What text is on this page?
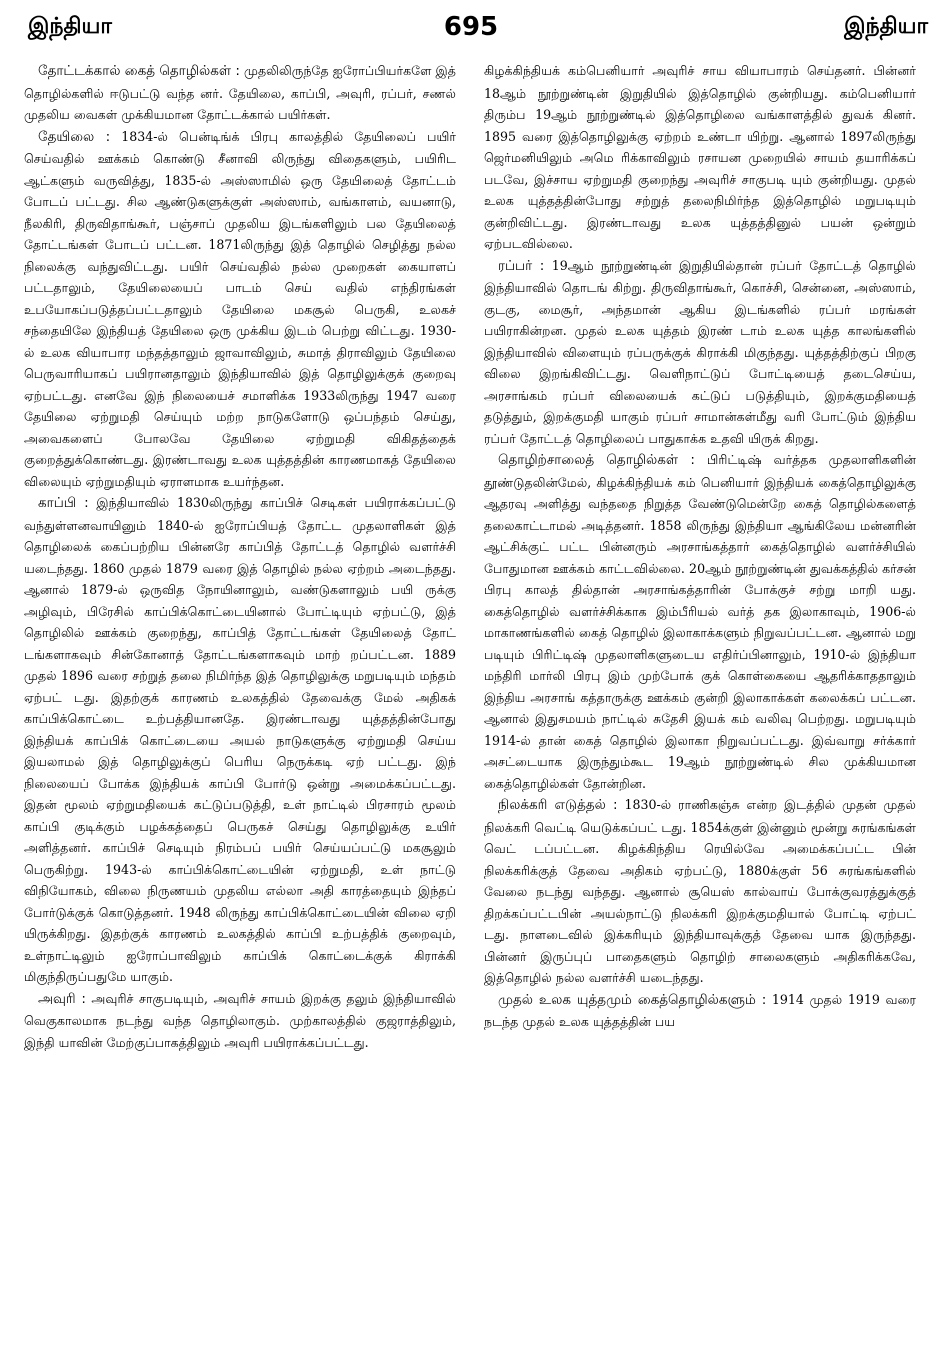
இந்தியா	695	இந்தியா

தோட்டக்கால் கைத் தொழில்கள் : முதலிலிருந்தே ஐரோப்பியர்களே இத் தொழில்களில் ஈடுபட்டு வந்த னர். தேயிலை, காப்பி, அவுரி, ரப்பர், சணல் முதலிய வைகள் முக்கியமான தோட்டக்கால் பயிர்கள்.

தேயிலை : 1834-ல் பென்டிங்க் பிரபு காலத்தில் தேயிலைப் பயிர் செய்வதில் ஊக்கம் கொண்டு சீனாவி லிருந்து விதைகளும், பயிரிட ஆட்களும் வருவித்து, 1835-ல் அஸ்ஸாமில் ஒரு தேயிலைத் தோட்டம் போடப் பட்டது. சில ஆண்டுகளுக்குள் அஸ்ஸாம், வங்காளம், வயனாடு, நீலகிரி, திருவிதாங்கூர், பஞ்சாப் முதலிய இடங்களிலும் பல தேயிலைத் தோட்டங்கள் போடப் பட்டன. 1871லிருந்து இத் தொழில் செழித்து நல்ல நிலைக்கு வந்துவிட்டது. பயிர் செய்வதில் நல்ல முறைகள் கையாளப் பட்டதாலும், தேயிலையைப் பாடம் செய் வதில் எந்திரங்கள் உபயோகப்படுத்தப்பட்டதாலும் தேயிலை மகசூல் பெருகி, உலகச் சந்தையிலே இந்தியத் தேயிலை ஒரு முக்கிய இடம் பெற்று விட்டது. 1930-ல் உலக வியாபார மந்தத்தாலும் ஜாவாவிலும், சுமாத் திராவிலும் தேயிலை பெருவாரியாகப் பயிரானதாலும் இந்தியாவில் இத் தொழிலுக்குக் குறைவு ஏற்பட்டது. எனவே இந் நிலையைச் சமாளிக்க 1933லிருந்து 1947 வரை தேயிலை ஏற்றுமதி செய்யும் மற்ற நாடுகளோடு ஒப்பந்தம் செய்து, அவைகளைப் போலவே தேயிலை ஏற்றுமதி விகிதத்தைக் குறைத்துக்கொண்டது. இரண்டாவது உலக யுத்தத்தின் காரணமாகத் தேயிலை விலையும் ஏற்றுமதியும் ஏராளமாக உயர்ந்தன.

காப்பி : இந்தியாவில் 1830லிருந்து காப்பிச் செடிகள் பயிராக்கப்பட்டு வந்துள்ளனவாயினும் 1840-ல் ஐரோப்பியத் தோட்ட முதலாளிகள் இத் தொழிலைக் கைப்பற்றிய பின்னரே காப்பித் தோட்டத் தொழில் வளர்ச்சி யடைந்தது. 1860 முதல் 1879 வரை இத் தொழில் நல்ல ஏற்றம் அடைந்தது. ஆனால் 1879-ல் ஒருவித நோயினாலும், வண்டுகளாலும் பயி ருக்கு அழிவும், பிரேசில் காப்பிக்கொட்டையினால் போட்டியும் ஏற்பட்டு, இத் தொழிலில் ஊக்கம் குறைந்து, காப்பித் தோட்டங்கள் தேயிலைத் தோட் டங்களாகவும் சின்கோனாத் தோட்டங்களாகவும் மாற் றப்பட்டன. 1889 முதல் 1896 வரை சற்றுத் தலை நிமிர்ந்த இத் தொழிலுக்கு மறுபடியும் மந்தம் ஏற்பட் டது. இதற்குக் காரணம் உலகத்தில் தேவைக்கு மேல் அதிகக் காப்பிக்கொட்டை உற்பத்தியானதே. இரண்டாவது யுத்தத்தின்போது இந்தியக் காப்பிக் கொட்டையை அயல் நாடுகளுக்கு ஏற்றுமதி செய்ய இயலாமல் இத் தொழிலுக்குப் பெரிய நெருக்கடி ஏற் பட்டது. இந் நிலையைப் போக்க இந்தியக் காப்பி போர்டு ஒன்று அமைக்கப்பட்டது. இதன் மூலம் ஏற்றுமதியைக் கட்டுப்படுத்தி, உள் நாட்டில் பிரசாரம் மூலம் காப்பி குடிக்கும் பழக்கத்தைப் பெருகச் செய்து தொழிலுக்கு உயிர் அளித்தனர். காப்பிச் செடியும் நிரம்பப் பயிர் செய்யப்பட்டு மகசூலும் பெருகிற்று. 1943-ல் காப்பிக்கொட்டையின் ஏற்றுமதி, உள் நாட்டு விநியோகம், விலை நிருணயம் முதலிய எல்லா அதி காரத்தையும் இந்தப் போர்டுக்குக் கொடுத்தனர். 1948 லிருந்து காப்பிக்கொட்டையின் விலை ஏறி யிருக்கிறது. இதற்குக் காரணம் உலகத்தில் காப்பி உற்பத்திக் குறைவும், உள்நாட்டிலும் ஐரோப்பாவிலும் காப்பிக் கொட்டைக்குக் கிராக்கி மிகுந்திருப்பதுமே யாகும்.

அவுரி : அவுரிச் சாகுபடியும், அவுரிச் சாயம் இறக்கு தலும் இந்தியாவில் வெகுகாலமாக நடந்து வந்த தொழிலாகும். முற்காலத்தில் குஜராத்திலும், இந்தி யாவின் மேற்குப்பாகத்திலும் அவுரி பயிராக்கப்பட்டது.

கிழக்கிந்தியக் கம்பெனியார் அவுரிச் சாய வியாபாரம் செய்தனர். பின்னர் 18ஆம் நூற்றுண்டின் இறுதியில் இத்தொழில் குன்றியது. கம்பெனியார் திரும்ப 19ஆம் நூற்றுண்டில் இத்தொழிலை வங்காளத்தில் துவக் கினர். 1895 வரை இத்தொழிலுக்கு ஏற்றம் உண்டா யிற்று. ஆனால் 1897லிருந்து ஜெர்மனியிலும் அமெ ரிக்காவிலும் ரசாயன முறையில் சாயம் தயாரிக்கப் படவே, இச்சாய ஏற்றுமதி குறைந்து அவுரிச் சாகுபடி யும் குன்றியது. முதல் உலக யுத்தத்தின்போது சற்றுத் தலைநிமிர்ந்த இத்தொழில் மறுபடியும் குன்றிவிட்டது. இரண்டாவது உலக யுத்தத்தினுல் பயன் ஒன்றும் ஏற்படவில்லை.

ரப்பர் : 19ஆம் நூற்றுண்டின் இறுதியில்தான் ரப்பர் தோட்டத் தொழில் இந்தியாவில் தொடங் கிற்று. திருவிதாங்கூர், கொச்சி, சென்னை, அஸ்ஸாம், குடகு, மைசூர், அந்தமான் ஆகிய இடங்களில் ரப்பர் மரங்கள் பயிராகின்றன. முதல் உலக யுத்தம் இரண் டாம் உலக யுத்த காலங்களில் இந்தியாவில் விளையும் ரப்பருக்குக் கிராக்கி மிகுந்தது. யுத்தத்திற்குப் பிறகு விலை இறங்கிவிட்டது. வெளிநாட்டுப் போட்டியைத் தடைசெய்ய, அரசாங்கம் ரப்பர் விலையைக் கட்டுப் படுத்தியும், இறக்குமதியைத் தடுத்தும், இறக்குமதி யாகும் ரப்பர் சாமான்கள்மீது வரி போட்டும் இந்திய ரப்பர் தோட்டத் தொழிலைப் பாதுகாக்க உதவி யிருக் கிறது.

தொழிற்சாலைத் தொழில்கள் : பிரிட்டிஷ் வர்த்தக முதலாளிகளின் தூண்டுதலின்மேல், கிழக்கிந்தியக் கம் பெனியார் இந்தியக் கைத்தொழிலுக்கு ஆதரவு அளித்து வந்ததை நிறுத்த வேண்டுமென்றே கைத் தொழில்களைத் தலைகாட்டாமல் அடித்தனர். 1858 லிருந்து இந்தியா ஆங்கிலேய மன்னரின் ஆட்சிக்குட் பட்ட பின்னரும் அரசாங்கத்தார் கைத்தொழில் வளர்ச்சியில் போதுமான ஊக்கம் காட்டவில்லை. 20ஆம் நூற்றுண்டின் துவக்கத்தில் கர்சன் பிரபு காலத் தில்தான் அரசாங்கத்தாரின் போக்குச் சற்று மாறி யது. கைத்தொழில் வளர்ச்சிக்காக இம்பீரியல் வர்த் தக இலாகாவும், 1906-ல் மாகாணங்களில் கைத் தொழில் இலாகாக்களும் நிறுவப்பட்டன. ஆனால் மறு படியும் பிரிட்டிஷ் முதலாளிகளுடைய எதிர்ப்பினாலும், 1910-ல் இந்தியா மந்திரி மார்லி பிரபு இம் முற்போக் குக் கொள்கையை ஆதரிக்காததாலும் இந்திய அரசாங் கத்தாருக்கு ஊக்கம் குன்றி இலாகாக்கள் கலைக்கப் பட்டன. ஆனால் இதுசமயம் நாட்டில் சுதேசி இயக் கம் வலிவு பெற்றது. மறுபடியும் 1914-ல் தான் கைத் தொழில் இலாகா நிறுவப்பட்டது. இவ்வாறு சர்க்கார் அசட்டையாக இருந்தும்கூட 19ஆம் நூற்றுண்டில் சில முக்கியமான கைத்தொழில்கள் தோன்றின.

நிலக்கரி எடுத்தல் : 1830-ல் ராணிகஞ்சு என்ற இடத்தில் முதன் முதல் நிலக்கரி வெட்டி யெடுக்கப்பட் டது. 1854க்குள் இன்னும் மூன்று சுரங்கங்கள் வெட் டப்பட்டன. கிழக்கிந்திய ரெயில்வே அமைக்கப்பட்ட பின் நிலக்கரிக்குத் தேவை அதிகம் ஏற்பட்டு, 1880க்குள் 56 சுரங்கங்களில் வேலை நடந்து வந்தது. ஆனால் சூயெஸ் கால்வாய் போக்குவரத்துக்குத் திறக்கப்பட்டபின் அயல்நாட்டு நிலக்கரி இறக்குமதியால் போட்டி ஏற்பட் டது. நாளடைவில் இக்கரியும் இந்தியாவுக்குத் தேவை யாக இருந்தது. பின்னர் இருப்புப் பாதைகளும் தொழிற் சாலைகளும் அதிகரிக்கவே, இத்தொழில் நல்ல வளர்ச்சி யடைந்தது.

முதல் உலக யுத்தமும் கைத்தொழில்களும் : 1914 முதல் 1919 வரை நடந்த முதல் உலக யுத்தத்தின் பய
